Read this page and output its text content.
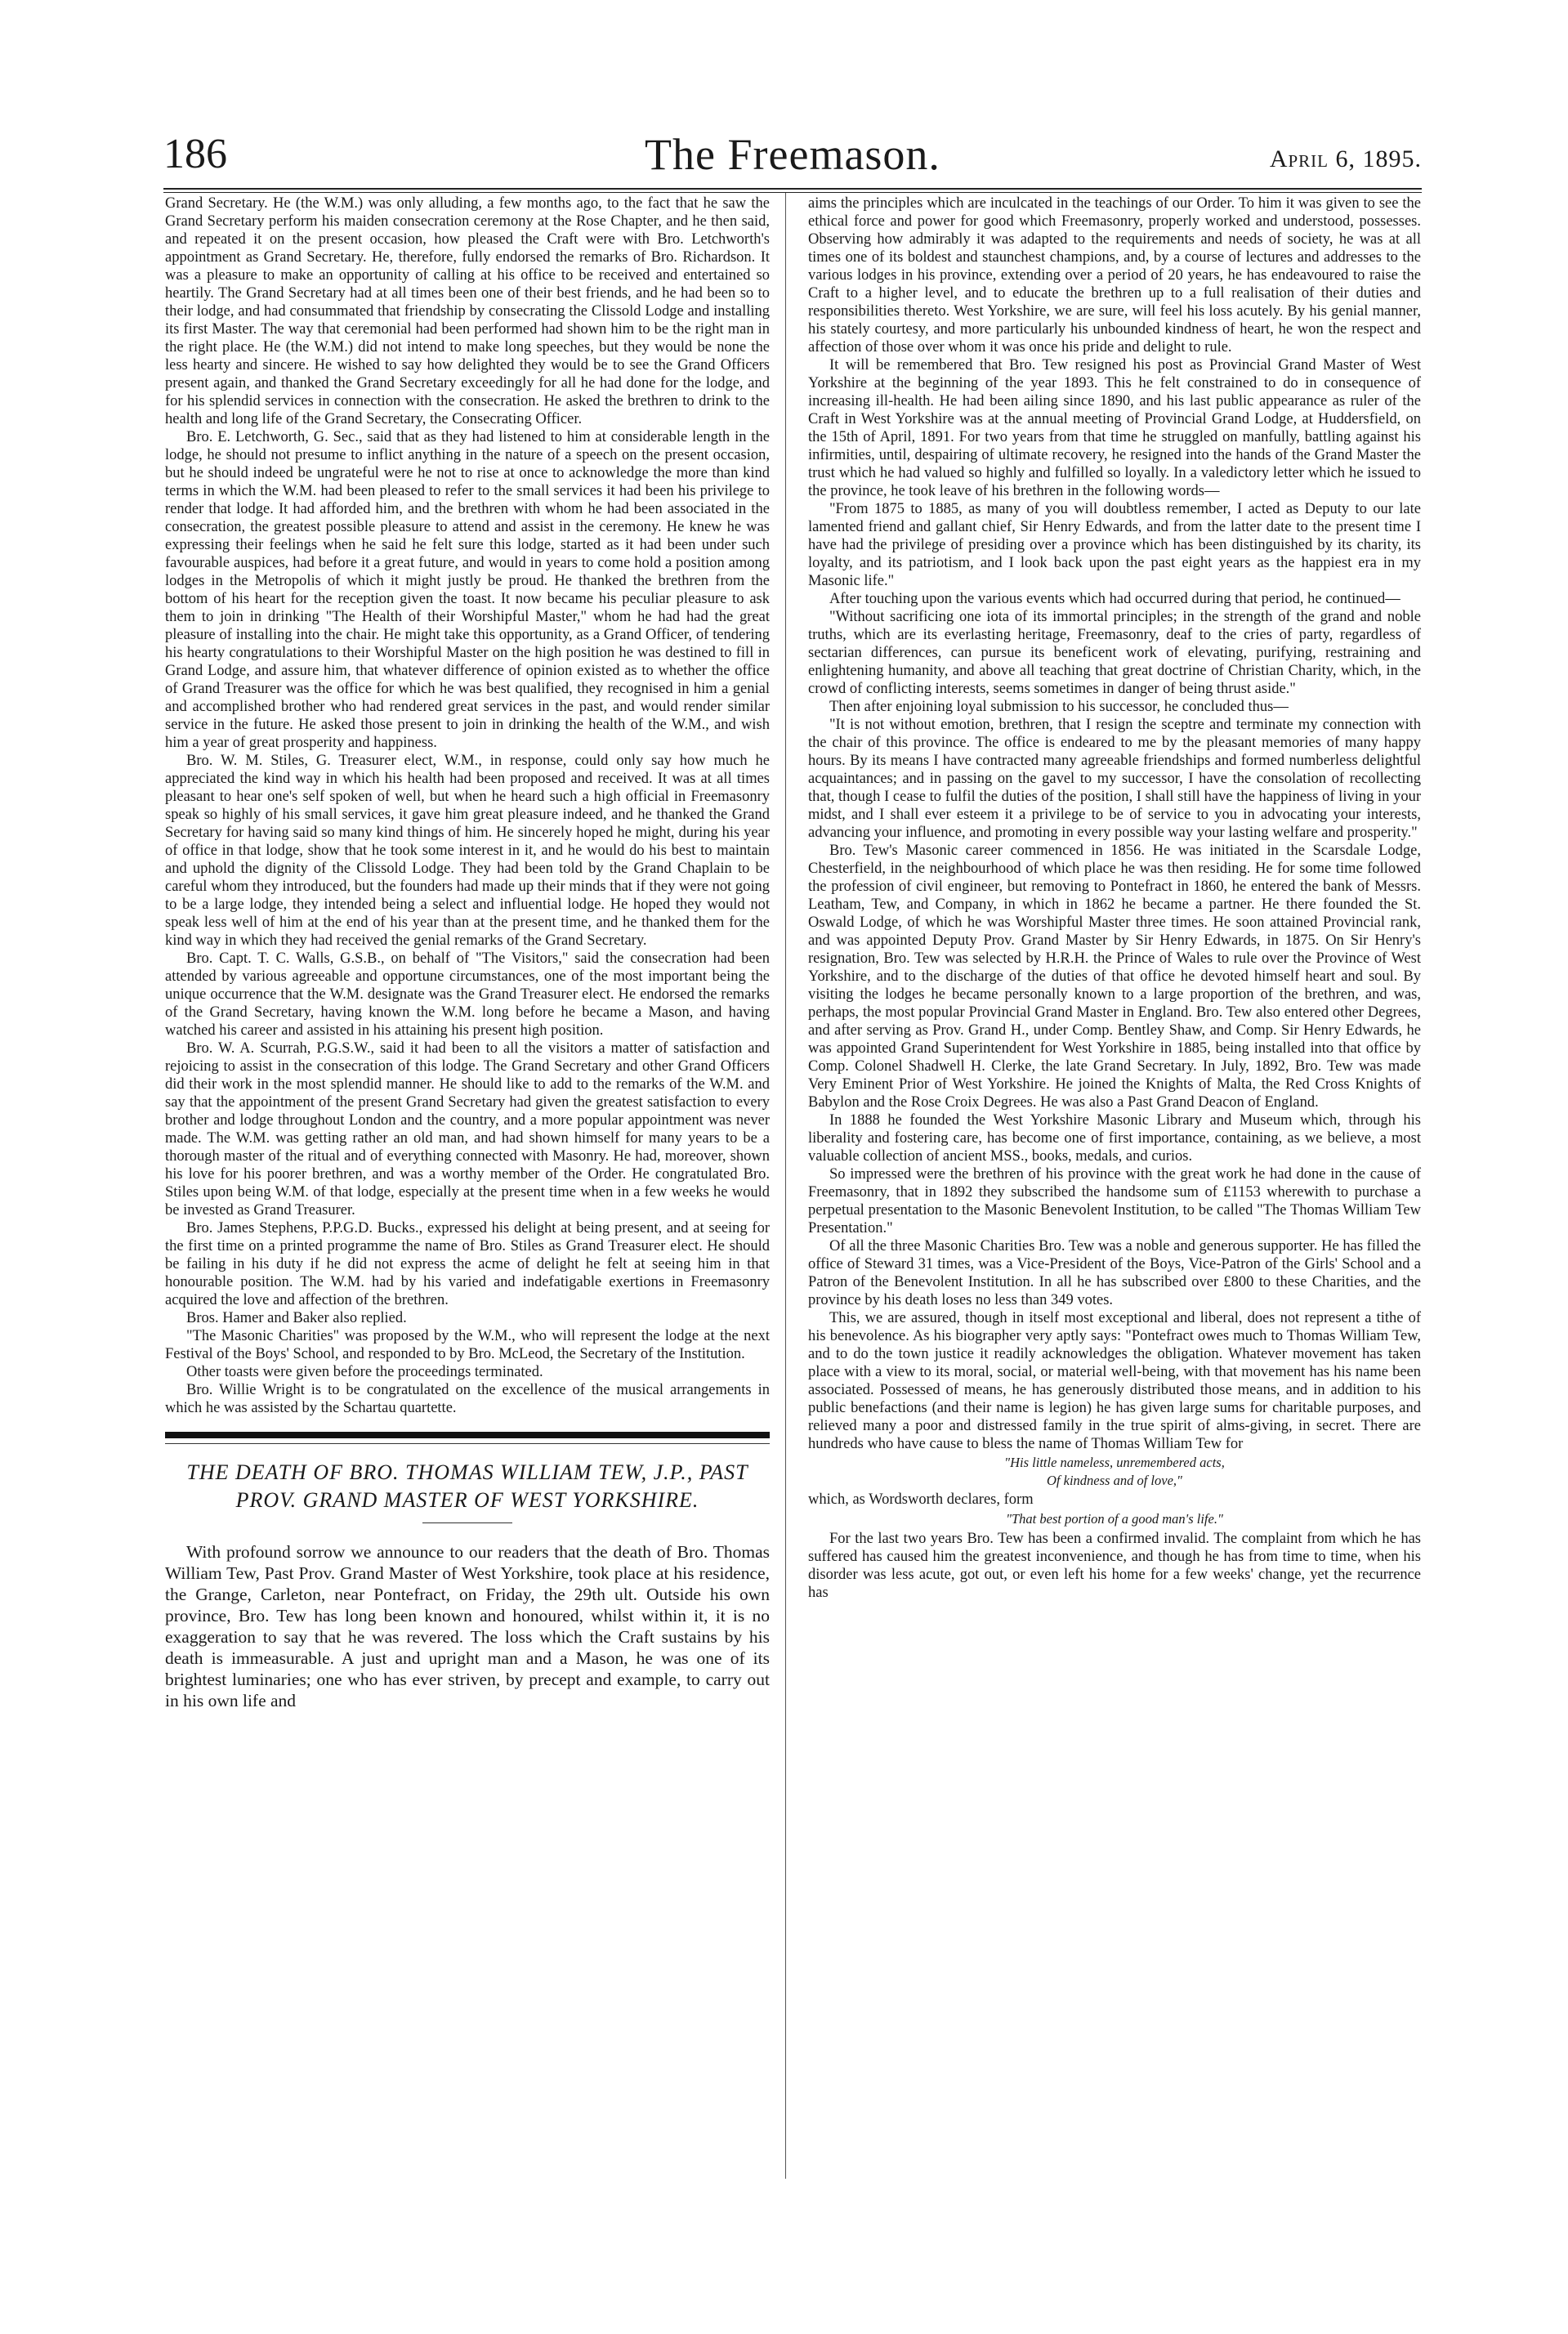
186	The Freemason.	April 6, 1895.

Grand Secretary. He (the W.M.) was only alluding, a few months ago, to the fact that he saw the Grand Secretary perform his maiden consecration ceremony at the Rose Chapter, and he then said, and repeated it on the present occasion, how pleased the Craft were with Bro. Letchworth's appointment as Grand Secretary. He, therefore, fully endorsed the remarks of Bro. Richardson. It was a pleasure to make an opportunity of calling at his office to be received and entertained so heartily. The Grand Secretary had at all times been one of their best friends, and he had been so to their lodge, and had consummated that friendship by consecrating the Clissold Lodge and installing its first Master. The way that ceremonial had been performed had shown him to be the right man in the right place. He (the W.M.) did not intend to make long speeches, but they would be none the less hearty and sincere. He wished to say how delighted they would be to see the Grand Officers present again, and thanked the Grand Secretary exceedingly for all he had done for the lodge, and for his splendid services in connection with the consecration. He asked the brethren to drink to the health and long life of the Grand Secretary, the Consecrating Officer.

Bro. E. Letchworth, G. Sec., said that as they had listened to him at considerable length in the lodge, he should not presume to inflict anything in the nature of a speech on the present occasion, but he should indeed be ungrateful were he not to rise at once to acknowledge the more than kind terms in which the W.M. had been pleased to refer to the small services it had been his privilege to render that lodge. It had afforded him, and the brethren with whom he had been associated in the consecration, the greatest possible pleasure to attend and assist in the ceremony. He knew he was expressing their feelings when he said he felt sure this lodge, started as it had been under such favourable auspices, had before it a great future, and would in years to come hold a position among lodges in the Metropolis of which it might justly be proud. He thanked the brethren from the bottom of his heart for the reception given the toast. It now became his peculiar pleasure to ask them to join in drinking "The Health of their Worshipful Master," whom he had had the great pleasure of installing into the chair. He might take this opportunity, as a Grand Officer, of tendering his hearty congratulations to their Worshipful Master on the high position he was destined to fill in Grand Lodge, and assure him, that whatever difference of opinion existed as to whether the office of Grand Treasurer was the office for which he was best qualified, they recognised in him a genial and accomplished brother who had rendered great services in the past, and would render similar service in the future. He asked those present to join in drinking the health of the W.M., and wish him a year of great prosperity and happiness.

Bro. W. M. Stiles, G. Treasurer elect, W.M., in response, could only say how much he appreciated the kind way in which his health had been proposed and received. It was at all times pleasant to hear one's self spoken of well, but when he heard such a high official in Freemasonry speak so highly of his small services, it gave him great pleasure indeed, and he thanked the Grand Secretary for having said so many kind things of him. He sincerely hoped he might, during his year of office in that lodge, show that he took some interest in it, and he would do his best to maintain and uphold the dignity of the Clissold Lodge. They had been told by the Grand Chaplain to be careful whom they introduced, but the founders had made up their minds that if they were not going to be a large lodge, they intended being a select and influential lodge. He hoped they would not speak less well of him at the end of his year than at the present time, and he thanked them for the kind way in which they had received the genial remarks of the Grand Secretary.

Bro. Capt. T. C. Walls, G.S.B., on behalf of "The Visitors," said the consecration had been attended by various agreeable and opportune circumstances, one of the most important being the unique occurrence that the W.M. designate was the Grand Treasurer elect. He endorsed the remarks of the Grand Secretary, having known the W.M. long before he became a Mason, and having watched his career and assisted in his attaining his present high position.

Bro. W. A. Scurrah, P.G.S.W., said it had been to all the visitors a matter of satisfaction and rejoicing to assist in the consecration of this lodge. The Grand Secretary and other Grand Officers did their work in the most splendid manner. He should like to add to the remarks of the W.M. and say that the appointment of the present Grand Secretary had given the greatest satisfaction to every brother and lodge throughout London and the country, and a more popular appointment was never made. The W.M. was getting rather an old man, and had shown himself for many years to be a thorough master of the ritual and of everything connected with Masonry. He had, moreover, shown his love for his poorer brethren, and was a worthy member of the Order. He congratulated Bro. Stiles upon being W.M. of that lodge, especially at the present time when in a few weeks he would be invested as Grand Treasurer.

Bro. James Stephens, P.P.G.D. Bucks., expressed his delight at being present, and at seeing for the first time on a printed programme the name of Bro. Stiles as Grand Treasurer elect. He should be failing in his duty if he did not express the acme of delight he felt at seeing him in that honourable position. The W.M. had by his varied and indefatigable exertions in Freemasonry acquired the love and affection of the brethren.

Bros. Hamer and Baker also replied.

"The Masonic Charities" was proposed by the W.M., who will represent the lodge at the next Festival of the Boys' School, and responded to by Bro. McLeod, the Secretary of the Institution.

Other toasts were given before the proceedings terminated.

Bro. Willie Wright is to be congratulated on the excellence of the musical arrangements in which he was assisted by the Schartau quartette.

THE DEATH OF BRO. THOMAS WILLIAM TEW, J.P., PAST PROV. GRAND MASTER OF WEST YORKSHIRE.

With profound sorrow we announce to our readers that the death of Bro. Thomas William Tew, Past Prov. Grand Master of West Yorkshire, took place at his residence, the Grange, Carleton, near Pontefract, on Friday, the 29th ult. Outside his own province, Bro. Tew has long been known and honoured, whilst within it, it is no exaggeration to say that he was revered. The loss which the Craft sustains by his death is immeasurable. A just and upright man and a Mason, he was one of its brightest luminaries; one who has ever striven, by precept and example, to carry out in his own life and

aims the principles which are inculcated in the teachings of our Order. To him it was given to see the ethical force and power for good which Freemasonry, properly worked and understood, possesses. Observing how admirably it was adapted to the requirements and needs of society, he was at all times one of its boldest and staunchest champions, and, by a course of lectures and addresses to the various lodges in his province, extending over a period of 20 years, he has endeavoured to raise the Craft to a higher level, and to educate the brethren up to a full realisation of their duties and responsibilities thereto. West Yorkshire, we are sure, will feel his loss acutely. By his genial manner, his stately courtesy, and more particularly his unbounded kindness of heart, he won the respect and affection of those over whom it was once his pride and delight to rule.

It will be remembered that Bro. Tew resigned his post as Provincial Grand Master of West Yorkshire at the beginning of the year 1893. This he felt constrained to do in consequence of increasing ill-health. He had been ailing since 1890, and his last public appearance as ruler of the Craft in West Yorkshire was at the annual meeting of Provincial Grand Lodge, at Huddersfield, on the 15th of April, 1891. For two years from that time he struggled on manfully, battling against his infirmities, until, despairing of ultimate recovery, he resigned into the hands of the Grand Master the trust which he had valued so highly and fulfilled so loyally. In a valedictory letter which he issued to the province, he took leave of his brethren in the following words—

"From 1875 to 1885, as many of you will doubtless remember, I acted as Deputy to our late lamented friend and gallant chief, Sir Henry Edwards, and from the latter date to the present time I have had the privilege of presiding over a province which has been distinguished by its charity, its loyalty, and its patriotism, and I look back upon the past eight years as the happiest era in my Masonic life."

After touching upon the various events which had occurred during that period, he continued—

"Without sacrificing one iota of its immortal principles; in the strength of the grand and noble truths, which are its everlasting heritage, Freemasonry, deaf to the cries of party, regardless of sectarian differences, can pursue its beneficent work of elevating, purifying, restraining and enlightening humanity, and above all teaching that great doctrine of Christian Charity, which, in the crowd of conflicting interests, seems sometimes in danger of being thrust aside."

Then after enjoining loyal submission to his successor, he concluded thus—

"It is not without emotion, brethren, that I resign the sceptre and terminate my connection with the chair of this province. The office is endeared to me by the pleasant memories of many happy hours. By its means I have contracted many agreeable friendships and formed numberless delightful acquaintances; and in passing on the gavel to my successor, I have the consolation of recollecting that, though I cease to fulfil the duties of the position, I shall still have the happiness of living in your midst, and I shall ever esteem it a privilege to be of service to you in advocating your interests, advancing your influence, and promoting in every possible way your lasting welfare and prosperity."

Bro. Tew's Masonic career commenced in 1856. He was initiated in the Scarsdale Lodge, Chesterfield, in the neighbourhood of which place he was then residing. He for some time followed the profession of civil engineer, but removing to Pontefract in 1860, he entered the bank of Messrs. Leatham, Tew, and Company, in which in 1862 he became a partner. He there founded the St. Oswald Lodge, of which he was Worshipful Master three times. He soon attained Provincial rank, and was appointed Deputy Prov. Grand Master by Sir Henry Edwards, in 1875. On Sir Henry's resignation, Bro. Tew was selected by H.R.H. the Prince of Wales to rule over the Province of West Yorkshire, and to the discharge of the duties of that office he devoted himself heart and soul. By visiting the lodges he became personally known to a large proportion of the brethren, and was, perhaps, the most popular Provincial Grand Master in England. Bro. Tew also entered other Degrees, and after serving as Prov. Grand H., under Comp. Bentley Shaw, and Comp. Sir Henry Edwards, he was appointed Grand Superintendent for West Yorkshire in 1885, being installed into that office by Comp. Colonel Shadwell H. Clerke, the late Grand Secretary. In July, 1892, Bro. Tew was made Very Eminent Prior of West Yorkshire. He joined the Knights of Malta, the Red Cross Knights of Babylon and the Rose Croix Degrees. He was also a Past Grand Deacon of England.

In 1888 he founded the West Yorkshire Masonic Library and Museum which, through his liberality and fostering care, has become one of first importance, containing, as we believe, a most valuable collection of ancient MSS., books, medals, and curios.

So impressed were the brethren of his province with the great work he had done in the cause of Freemasonry, that in 1892 they subscribed the handsome sum of £1153 wherewith to purchase a perpetual presentation to the Masonic Benevolent Institution, to be called "The Thomas William Tew Presentation."

Of all the three Masonic Charities Bro. Tew was a noble and generous supporter. He has filled the office of Steward 31 times, was a Vice-President of the Boys, Vice-Patron of the Girls' School and a Patron of the Benevolent Institution. In all he has subscribed over £800 to these Charities, and the province by his death loses no less than 349 votes.

This, we are assured, though in itself most exceptional and liberal, does not represent a tithe of his benevolence. As his biographer very aptly says: "Pontefract owes much to Thomas William Tew, and to do the town justice it readily acknowledges the obligation. Whatever movement has taken place with a view to its moral, social, or material well-being, with that movement has his name been associated. Possessed of means, he has generously distributed those means, and in addition to his public benefactions (and their name is legion) he has given large sums for charitable purposes, and relieved many a poor and distressed family in the true spirit of alms-giving, in secret. There are hundreds who have cause to bless the name of Thomas William Tew for

"His little nameless, unremembered acts,

Of kindness and of love,"

which, as Wordsworth declares, form

"That best portion of a good man's life."

For the last two years Bro. Tew has been a confirmed invalid. The complaint from which he has suffered has caused him the greatest inconvenience, and though he has from time to time, when his disorder was less acute, got out, or even left his home for a few weeks' change, yet the recurrence has
